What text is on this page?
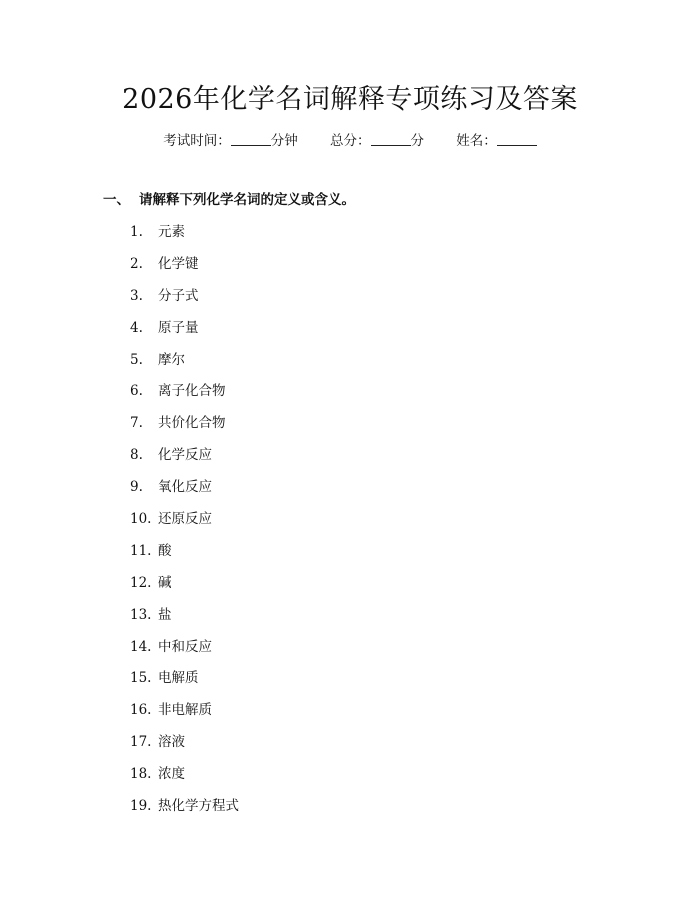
2026年化学名词解释专项练习及答案
考试时间：	分钟 总分：	分 姓名：
一、 请解释下列化学名词的定义或含义。
1. 元素
2. 化学键
3. 分子式
4. 原子量
5. 摩尔
6. 离子化合物
7. 共价化合物
8. 化学反应
9. 氧化反应
10. 还原反应
11. 酸
12. 碱
13. 盐
14. 中和反应
15. 电解质
16. 非电解质
17. 溶液
18. 浓度
19. 热化学方程式
